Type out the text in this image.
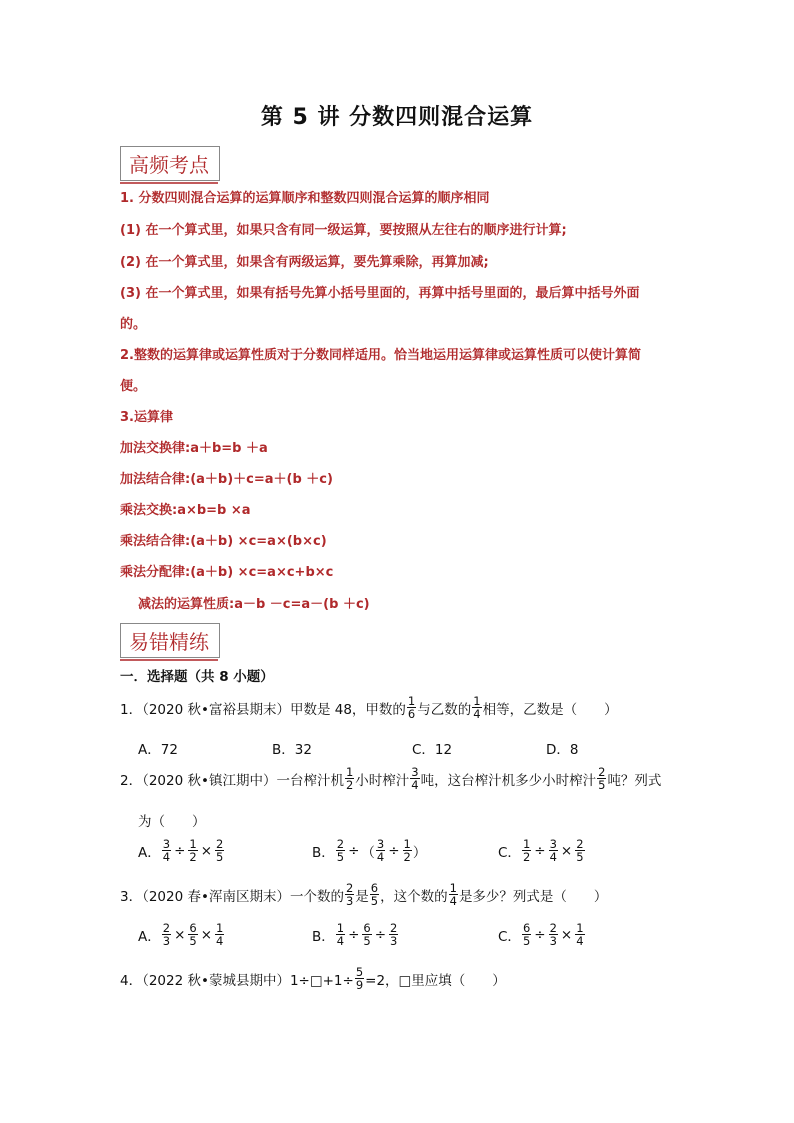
第 5 讲 分数四则混合运算
高频考点
1. 分数四则混合运算的运算顺序和整数四则混合运算的顺序相同
(1) 在一个算式里，如果只含有同一级运算，要按照从左往右的顺序进行计算;
(2) 在一个算式里，如果含有两级运算，要先算乘除，再算加减;
(3) 在一个算式里，如果有括号先算小括号里面的，再算中括号里面的，最后算中括号外面
的。
2.整数的运算律或运算性质对于分数同样适用。恰当地运用运算律或运算性质可以使计算简
便。
3.运算律
加法交换律:a＋b=b ＋a
加法结合律:(a＋b)＋c=a＋(b ＋c)
乘法交换:a×b=b ×a
乘法结合律:(a＋b) ×c=a×(b×c)
乘法分配律:(a＋b) ×c=a×c+b×c
减法的运算性质:a－b －c=a－(b ＋c)
易错精练
一．选择题（共 8 小题）
1．（2020 秋•富裕县期末）甲数是 48，甲数的 $\frac{1}{6}$ 与乙数的 $\frac{1}{4}$ 相等，乙数是（　　）
A．72	B．32	C．12	D．8
2．（2020 秋•镇江期中）一台榨汁机 $\frac{1}{2}$ 小时榨汁 $\frac{3}{4}$ 吨，这台榨汁机多少小时榨汁 $\frac{2}{5}$ 吨？列式
为（　　）
A． $\frac{3}{4} \div \frac{1}{2} \times \frac{2}{5}$	B． $\frac{2}{5}$ ÷ （ $\frac{3}{4} \div \frac{1}{2}$ ）	C． $\frac{1}{2} \div \frac{3}{4} \times \frac{2}{5}$
3．（2020 春•浑南区期末）一个数的 $\frac{2}{3}$ 是 $\frac{6}{5}$ ，这个数的 $\frac{1}{4}$ 是多少？列式是（　　）
A． $\frac{2}{3} \times \frac{6}{5} \times \frac{1}{4}$	B． $\frac{1}{4} \div \frac{6}{5} \div \frac{2}{3}$	C． $\frac{6}{5} \div \frac{2}{3} \times \frac{1}{4}$
4．（2022 秋•蒙城县期中）1÷□+1÷ $\frac{5}{9} =2$，□里应填（　　）
